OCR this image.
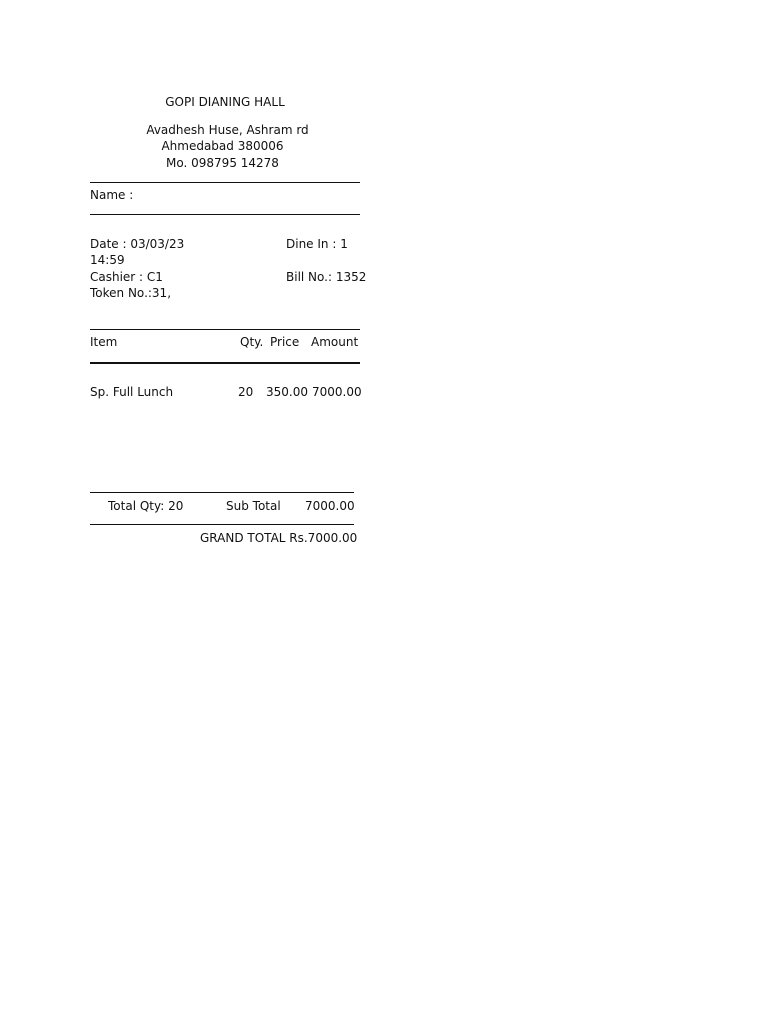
GOPI DIANING HALL
Avadhesh Huse, Ashram rd
Ahmedabad 380006
Mo. 098795 14278
Name :
Date : 03/03/23	Dine In : 1
14:59
Cashier : C1	Bill No.: 1352
Token No.:31,
Item	Qty. Price Amount
Sp. Full Lunch	20 350.00 7000.00
Total Qty: 20	Sub Total 7000.00
GRAND TOTAL Rs.7000.00
